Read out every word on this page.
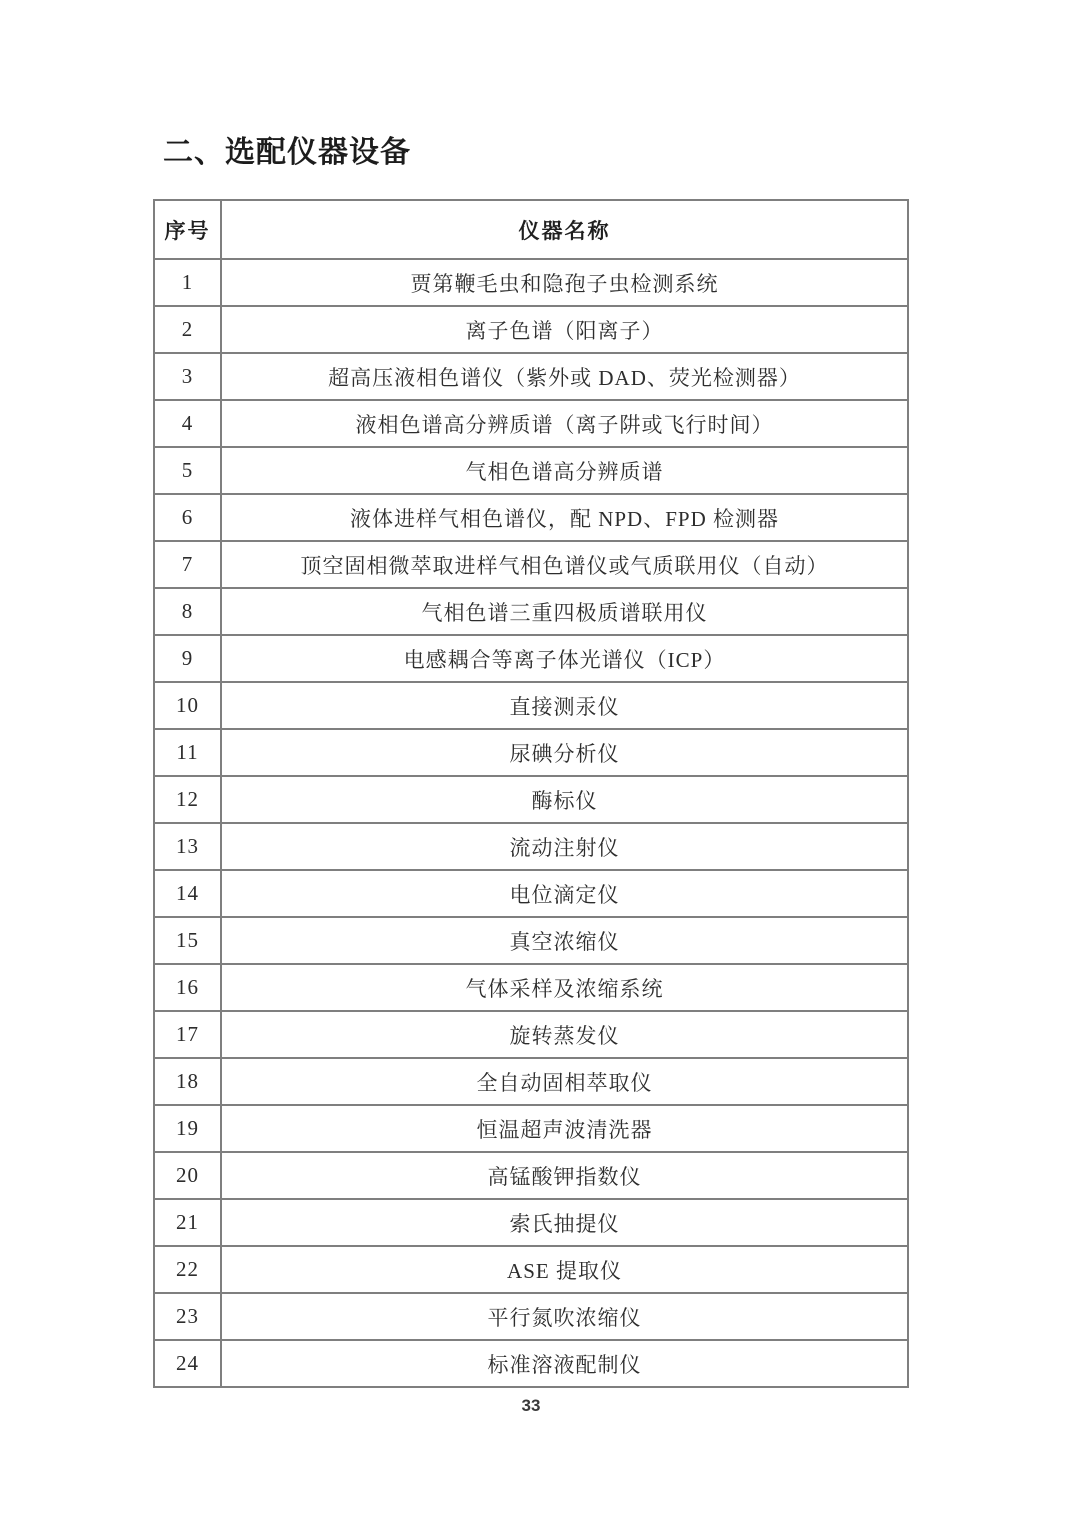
二、选配仪器设备
序号	仪器名称
1	贾第鞭毛虫和隐孢子虫检测系统
2	离子色谱（阳离子）
3	超高压液相色谱仪（紫外或 DAD、荧光检测器）
4	液相色谱高分辨质谱（离子阱或飞行时间）
5	气相色谱高分辨质谱
6	液体进样气相色谱仪，配 NPD、FPD 检测器
7	顶空固相微萃取进样气相色谱仪或气质联用仪（自动）
8	气相色谱三重四极质谱联用仪
9	电感耦合等离子体光谱仪（ICP）
10	直接测汞仪
11	尿碘分析仪
12	酶标仪
13	流动注射仪
14	电位滴定仪
15	真空浓缩仪
16	气体采样及浓缩系统
17	旋转蒸发仪
18	全自动固相萃取仪
19	恒温超声波清洗器
20	高锰酸钾指数仪
21	索氏抽提仪
22	ASE 提取仪
23	平行氮吹浓缩仪
24	标准溶液配制仪
33
